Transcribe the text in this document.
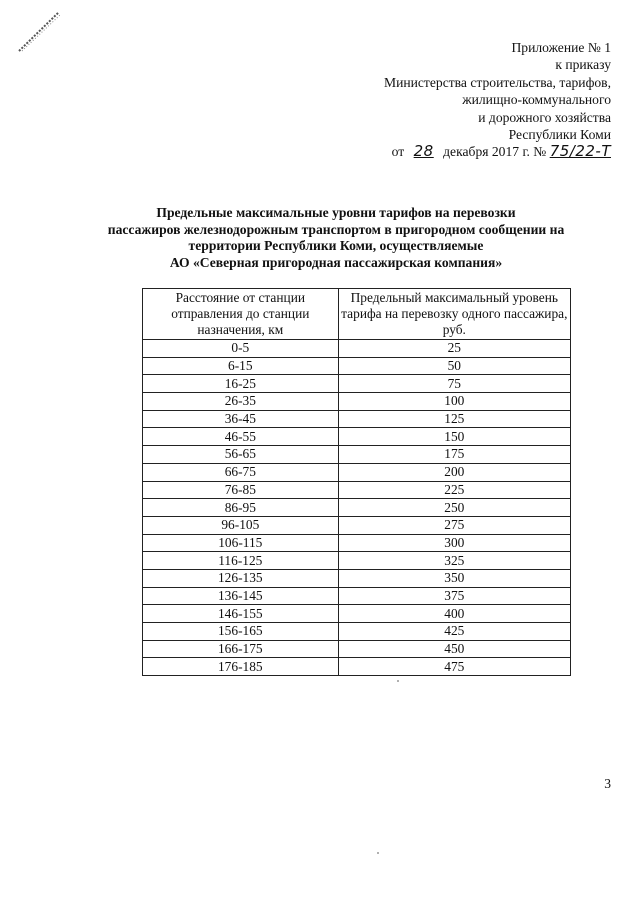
Приложение № 1
к приказу
Министерства строительства, тарифов,
жилищно-коммунального
и дорожного хозяйства
Республики Коми
от 28 декабря 2017 г. № 75/22-Т
Предельные максимальные уровни тарифов на перевозки
пассажиров железнодорожным транспортом в пригородном сообщении на
территории Республики Коми, осуществляемые
АО «Северная пригородная пассажирская компания»
Расстояние от станции отправления до станции назначения, км	Предельный максимальный уровень тарифа на перевозку одного пассажира, руб.
0-5	25
6-15	50
16-25	75
26-35	100
36-45	125
46-55	150
56-65	175
66-75	200
76-85	225
86-95	250
96-105	275
106-115	300
116-125	325
126-135	350
136-145	375
146-155	400
156-165	425
166-175	450
176-185	475
3
